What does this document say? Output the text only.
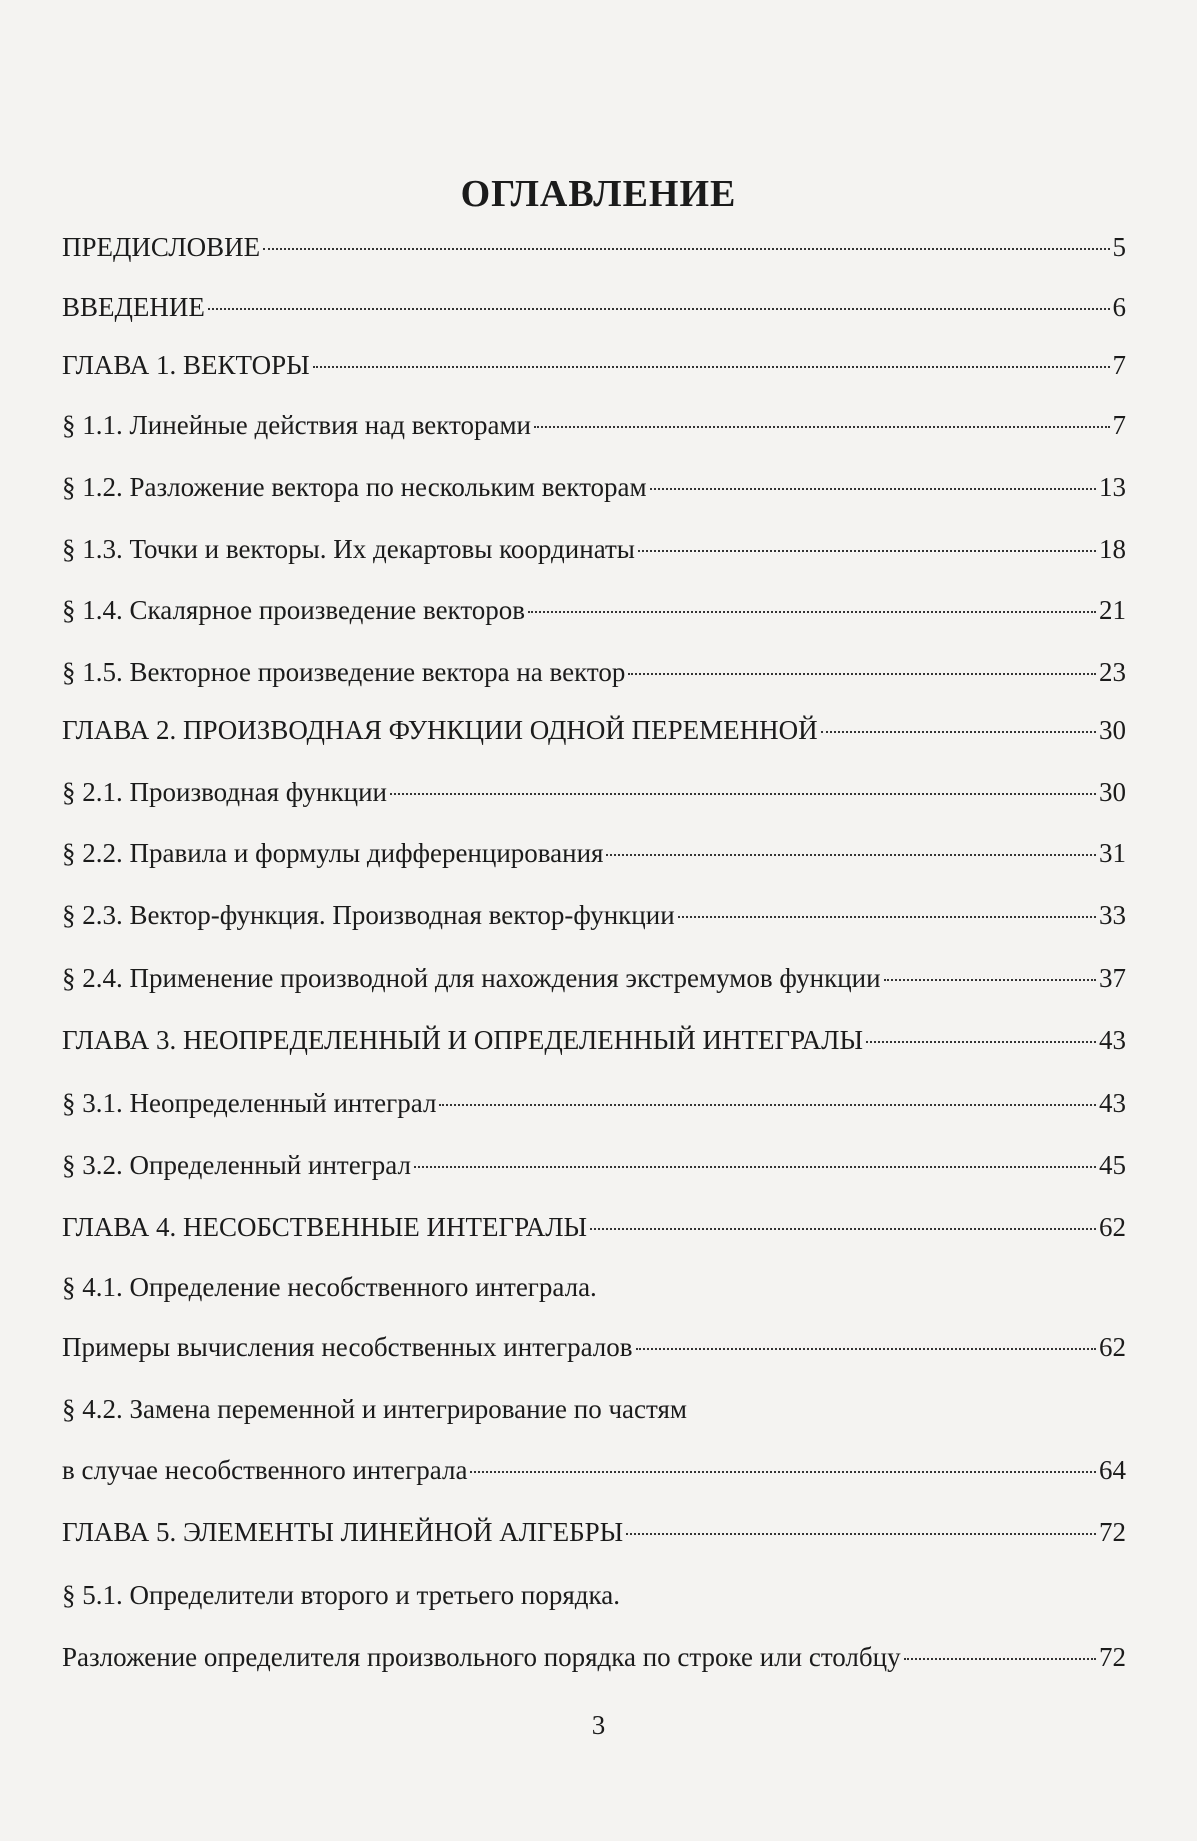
ОГЛАВЛЕНИЕ
ПРЕДИСЛОВИЕ	5
ВВЕДЕНИЕ	6
ГЛАВА 1. ВЕКТОРЫ	7
§ 1.1. Линейные действия над векторами	7
§ 1.2. Разложение вектора по нескольким векторам	13
§ 1.3. Точки и векторы. Их декартовы координаты	18
§ 1.4. Скалярное произведение векторов	21
§ 1.5. Векторное произведение вектора на вектор	23
ГЛАВА 2. ПРОИЗВОДНАЯ ФУНКЦИИ ОДНОЙ ПЕРЕМЕННОЙ	30
§ 2.1. Производная функции	30
§ 2.2. Правила и формулы дифференцирования	31
§ 2.3. Вектор-функция. Производная вектор-функции	33
§ 2.4. Применение производной для нахождения экстремумов функции	37
ГЛАВА 3. НЕОПРЕДЕЛЕННЫЙ И ОПРЕДЕЛЕННЫЙ ИНТЕГРАЛЫ	43
§ 3.1. Неопределенный интеграл	43
§ 3.2. Определенный интеграл	45
ГЛАВА 4. НЕСОБСТВЕННЫЕ ИНТЕГРАЛЫ	62
§ 4.1. Определение несобственного интеграла.
Примеры вычисления несобственных интегралов	62
§ 4.2. Замена переменной и интегрирование по частям
в случае несобственного интеграла	64
ГЛАВА 5. ЭЛЕМЕНТЫ ЛИНЕЙНОЙ АЛГЕБРЫ	72
§ 5.1. Определители второго и третьего порядка.
Разложение определителя произвольного порядка по строке или столбцу	72
3
